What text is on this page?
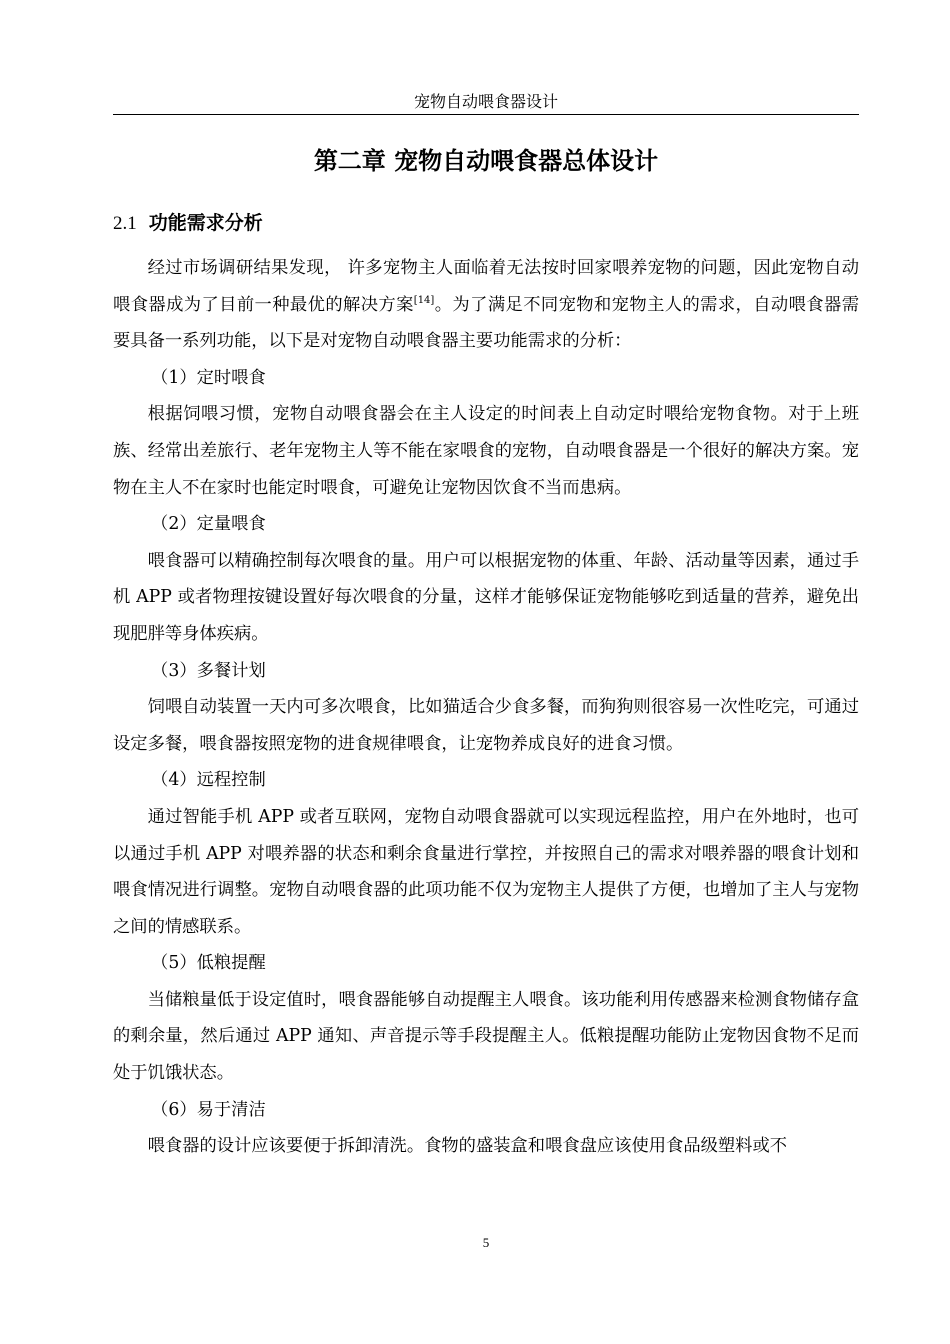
宠物自动喂食器设计
第二章 宠物自动喂食器总体设计
2.1 功能需求分析

经过市场调研结果发现， 许多宠物主人面临着无法按时回家喂养宠物的问题，因此宠物自动喂食器成为了目前一种最优的解决方案[14]。为了满足不同宠物和宠物主人的需求，自动喂食器需要具备一系列功能，以下是对宠物自动喂食器主要功能需求的分析：

（1）定时喂食

根据饲喂习惯，宠物自动喂食器会在主人设定的时间表上自动定时喂给宠物食物。对于上班族、经常出差旅行、老年宠物主人等不能在家喂食的宠物，自动喂食器是一个很好的解决方案。宠物在主人不在家时也能定时喂食，可避免让宠物因饮食不当而患病。

（2）定量喂食

喂食器可以精确控制每次喂食的量。用户可以根据宠物的体重、年龄、活动量等因素，通过手机 APP 或者物理按键设置好每次喂食的分量，这样才能够保证宠物能够吃到适量的营养，避免出现肥胖等身体疾病。

（3）多餐计划

饲喂自动装置一天内可多次喂食，比如猫适合少食多餐，而狗狗则很容易一次性吃完，可通过设定多餐，喂食器按照宠物的进食规律喂食，让宠物养成良好的进食习惯。

（4）远程控制

通过智能手机 APP 或者互联网，宠物自动喂食器就可以实现远程监控，用户在外地时，也可以通过手机 APP 对喂养器的状态和剩余食量进行掌控，并按照自己的需求对喂养器的喂食计划和喂食情况进行调整。宠物自动喂食器的此项功能不仅为宠物主人提供了方便，也增加了主人与宠物之间的情感联系。

（5）低粮提醒

当储粮量低于设定值时，喂食器能够自动提醒主人喂食。该功能利用传感器来检测食物储存盒的剩余量，然后通过 APP 通知、声音提示等手段提醒主人。低粮提醒功能防止宠物因食物不足而处于饥饿状态。

（6）易于清洁

喂食器的设计应该要便于拆卸清洗。食物的盛装盒和喂食盘应该使用食品级塑料或不

5
